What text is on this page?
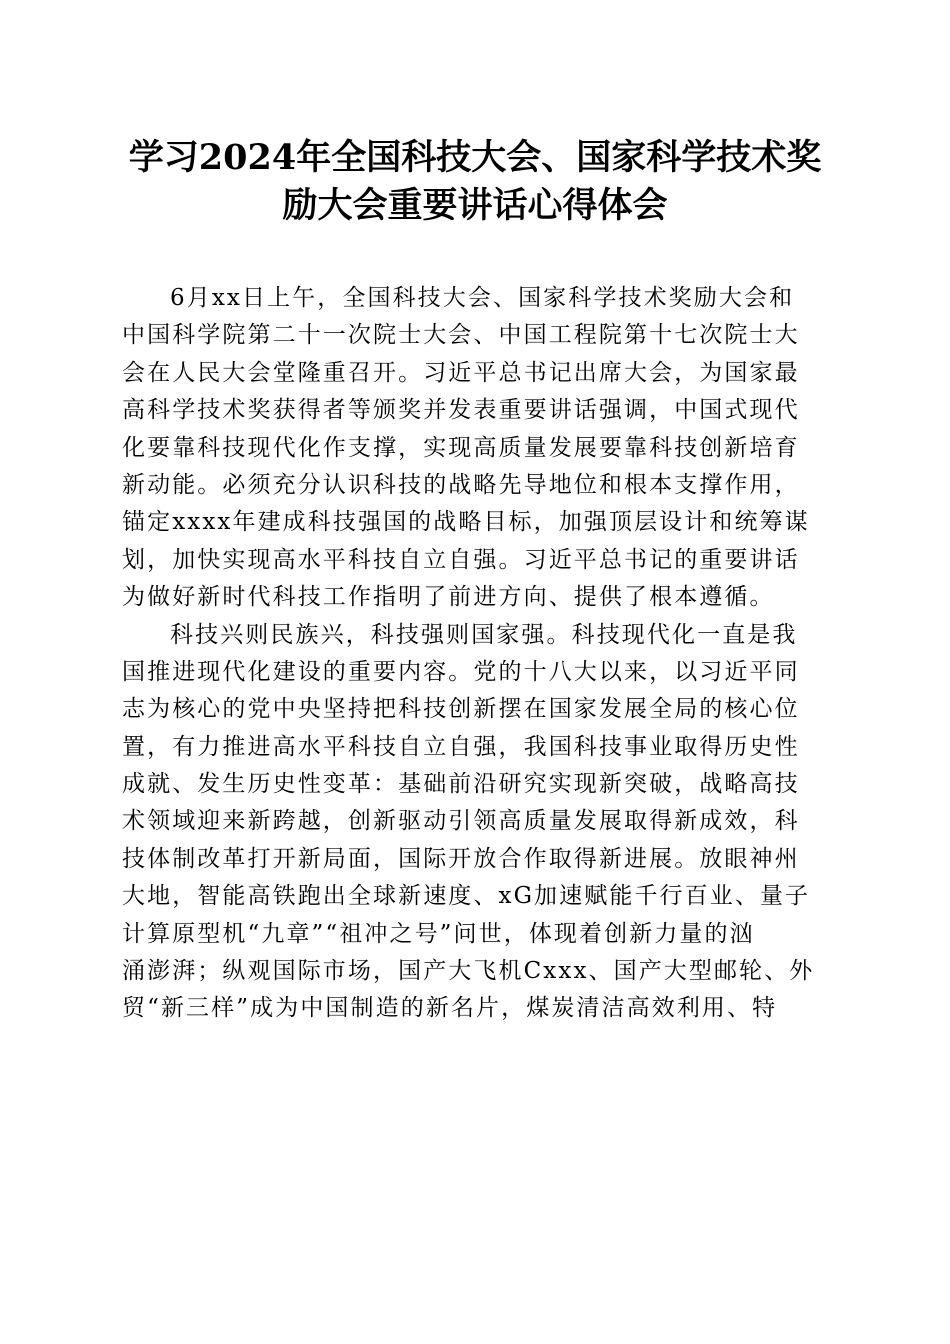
学习2024年全国科技大会、国家科学技术奖
励大会重要讲话心得体会
6月xx日上午，全国科技大会、国家科学技术奖励大会和
中国科学院第二十一次院士大会、中国工程院第十七次院士大
会在人民大会堂隆重召开。习近平总书记出席大会，为国家最
高科学技术奖获得者等颁奖并发表重要讲话强调，中国式现代
化要靠科技现代化作支撑，实现高质量发展要靠科技创新培育
新动能。必须充分认识科技的战略先导地位和根本支撑作用，
锚定xxxx年建成科技强国的战略目标，加强顶层设计和统筹谋
划，加快实现高水平科技自立自强。习近平总书记的重要讲话
为做好新时代科技工作指明了前进方向、提供了根本遵循。
科技兴则民族兴，科技强则国家强。科技现代化一直是我
国推进现代化建设的重要内容。党的十八大以来，以习近平同
志为核心的党中央坚持把科技创新摆在国家发展全局的核心位
置，有力推进高水平科技自立自强，我国科技事业取得历史性
成就、发生历史性变革：基础前沿研究实现新突破，战略高技
术领域迎来新跨越，创新驱动引领高质量发展取得新成效，科
技体制改革打开新局面，国际开放合作取得新进展。放眼神州
大地，智能高铁跑出全球新速度、xG加速赋能千行百业、量子
计算原型机“九章”“祖冲之号”问世，体现着创新力量的汹
涌澎湃；纵观国际市场，国产大飞机Cxxx、国产大型邮轮、外
贸“新三样”成为中国制造的新名片，煤炭清洁高效利用、特
